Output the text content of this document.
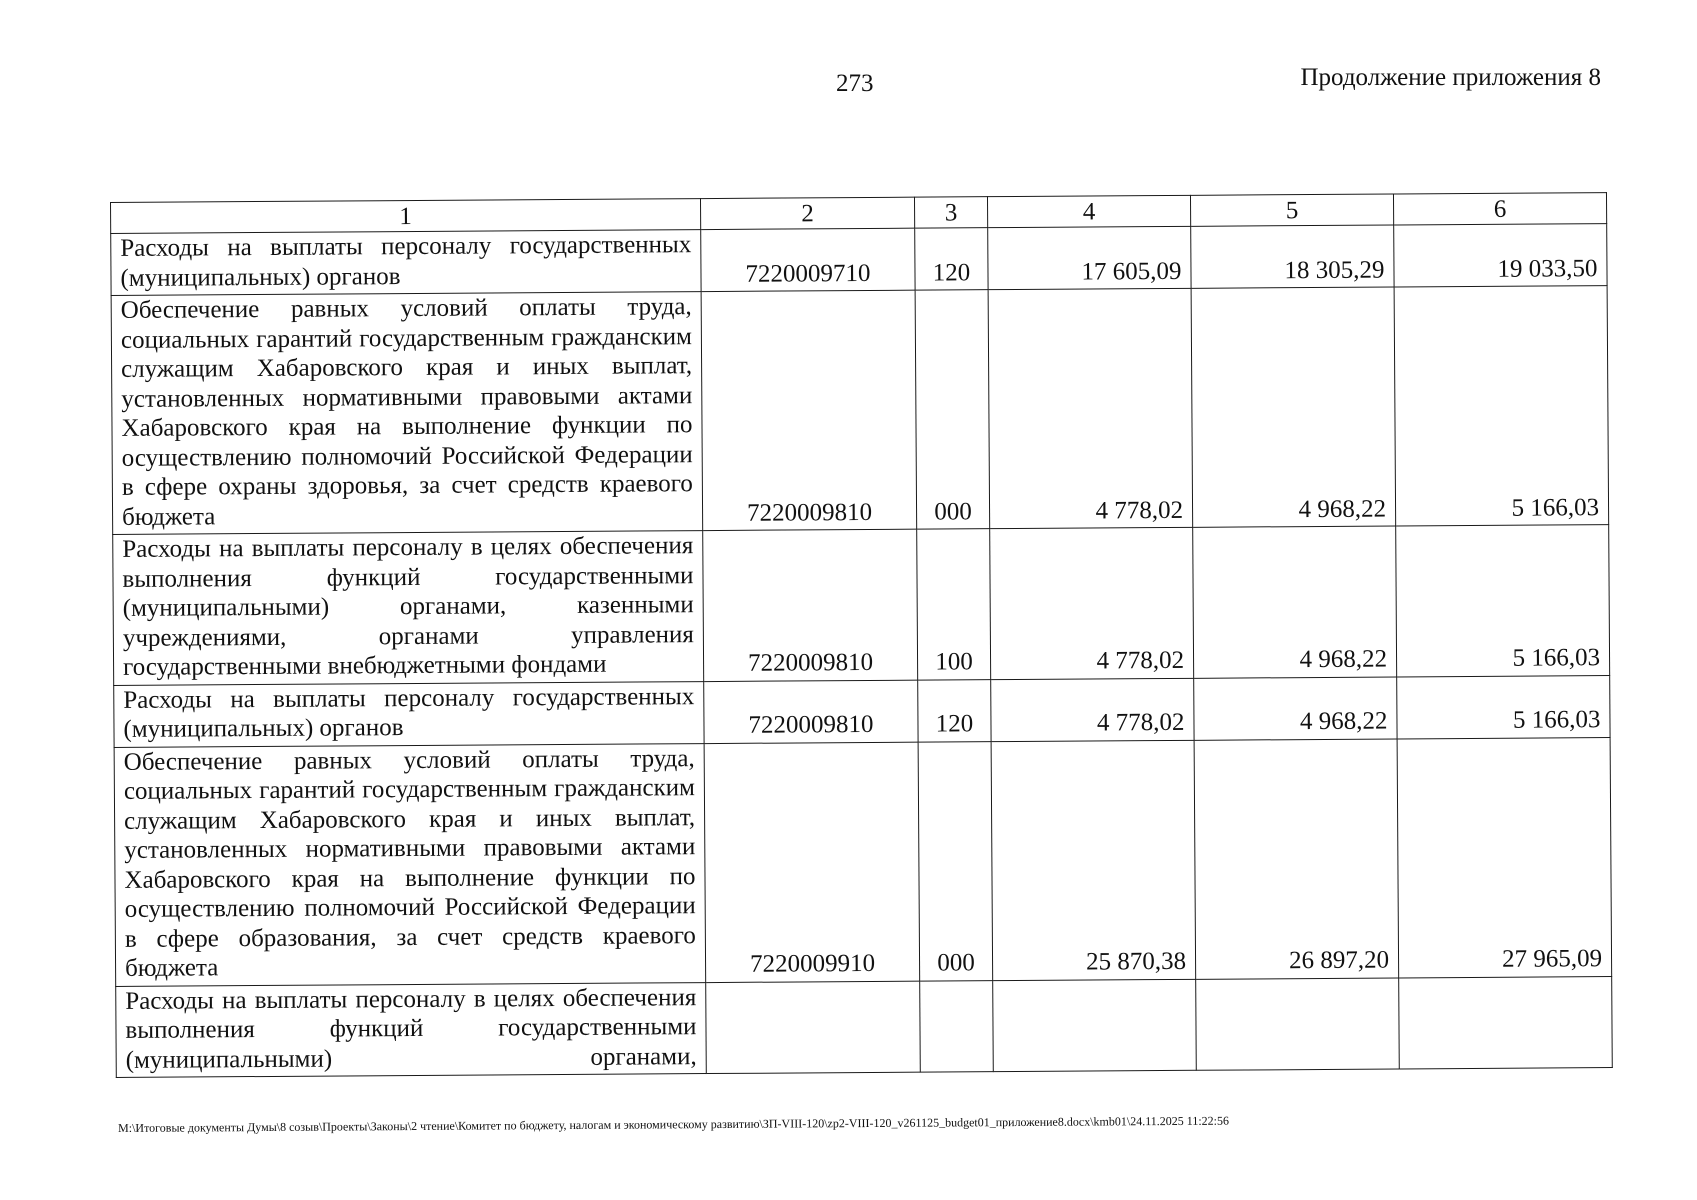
273	Продолжение приложения 8
1	2	3	4	5	6
Расходы на выплаты персоналу государственных (муниципальных) органов	7220009710	120	17 605,09	18 305,29	19 033,50
Обеспечение равных условий оплаты труда, социальных гарантий государственным гражданским служащим Хабаровского края и иных выплат, установленных нормативными правовыми актами Хабаровского края на выполнение функции по осуществлению полномочий Российской Федерации в сфере охраны здоровья, за счет средств краевого бюджета	7220009810	000	4 778,02	4 968,22	5 166,03
Расходы на выплаты персоналу в целях обеспечения выполнения функций государственными (муниципальными) органами, казенными учреждениями, органами управления государственными внебюджетными фондами	7220009810	100	4 778,02	4 968,22	5 166,03
Расходы на выплаты персоналу государственных (муниципальных) органов	7220009810	120	4 778,02	4 968,22	5 166,03
Обеспечение равных условий оплаты труда, социальных гарантий государственным гражданским служащим Хабаровского края и иных выплат, установленных нормативными правовыми актами Хабаровского края на выполнение функции по осуществлению полномочий Российской Федерации в сфере образования, за счет средств краевого бюджета	7220009910	000	25 870,38	26 897,20	27 965,09
Расходы на выплаты персоналу в целях обеспечения выполнения функций государственными (муниципальными) органами,					
M:\Итоговые документы Думы\8 созыв\Проекты\Законы\2 чтение\Комитет по бюджету, налогам и экономическому развитию\ЗП-VIII-120\zp2-VIII-120_v261125_budget01_приложение8.docx\kmb01\24.11.2025 11:22:56
